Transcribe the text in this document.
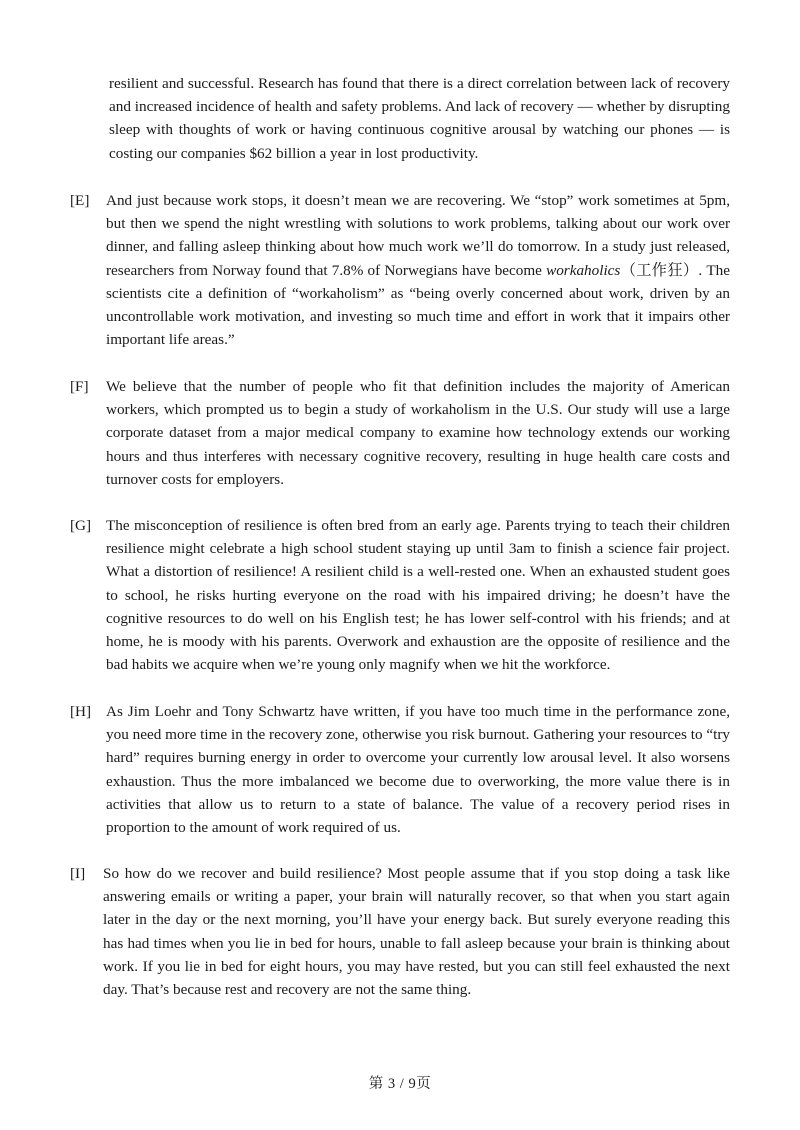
resilient and successful. Research has found that there is a direct correlation between lack of recovery and increased incidence of health and safety problems. And lack of recovery — whether by disrupting sleep with thoughts of work or having continuous cognitive arousal by watching our phones — is costing our companies $62 billion a year in lost productivity.
[E] And just because work stops, it doesn’t mean we are recovering. We “stop” work sometimes at 5pm, but then we spend the night wrestling with solutions to work problems, talking about our work over dinner, and falling asleep thinking about how much work we’ll do tomorrow. In a study just released, researchers from Norway found that 7.8% of Norwegians have become workaholics（工作狂）. The scientists cite a definition of “workaholism” as “being overly concerned about work, driven by an uncontrollable work motivation, and investing so much time and effort in work that it impairs other important life areas.”
[F] We believe that the number of people who fit that definition includes the majority of American workers, which prompted us to begin a study of workaholism in the U.S. Our study will use a large corporate dataset from a major medical company to examine how technology extends our working hours and thus interferes with necessary cognitive recovery, resulting in huge health care costs and turnover costs for employers.
[G] The misconception of resilience is often bred from an early age. Parents trying to teach their children resilience might celebrate a high school student staying up until 3am to finish a science fair project. What a distortion of resilience! A resilient child is a well-rested one. When an exhausted student goes to school, he risks hurting everyone on the road with his impaired driving; he doesn’t have the cognitive resources to do well on his English test; he has lower self-control with his friends; and at home, he is moody with his parents. Overwork and exhaustion are the opposite of resilience and the bad habits we acquire when we’re young only magnify when we hit the workforce.
[H] As Jim Loehr and Tony Schwartz have written, if you have too much time in the performance zone, you need more time in the recovery zone, otherwise you risk burnout. Gathering your resources to “try hard” requires burning energy in order to overcome your currently low arousal level. It also worsens exhaustion. Thus the more imbalanced we become due to overworking, the more value there is in activities that allow us to return to a state of balance. The value of a recovery period rises in proportion to the amount of work required of us.
[I] So how do we recover and build resilience? Most people assume that if you stop doing a task like answering emails or writing a paper, your brain will naturally recover, so that when you start again later in the day or the next morning, you’ll have your energy back. But surely everyone reading this has had times when you lie in bed for hours, unable to fall asleep because your brain is thinking about work. If you lie in bed for eight hours, you may have rested, but you can still feel exhausted the next day. That’s because rest and recovery are not the same thing.
第 3 / 9页
